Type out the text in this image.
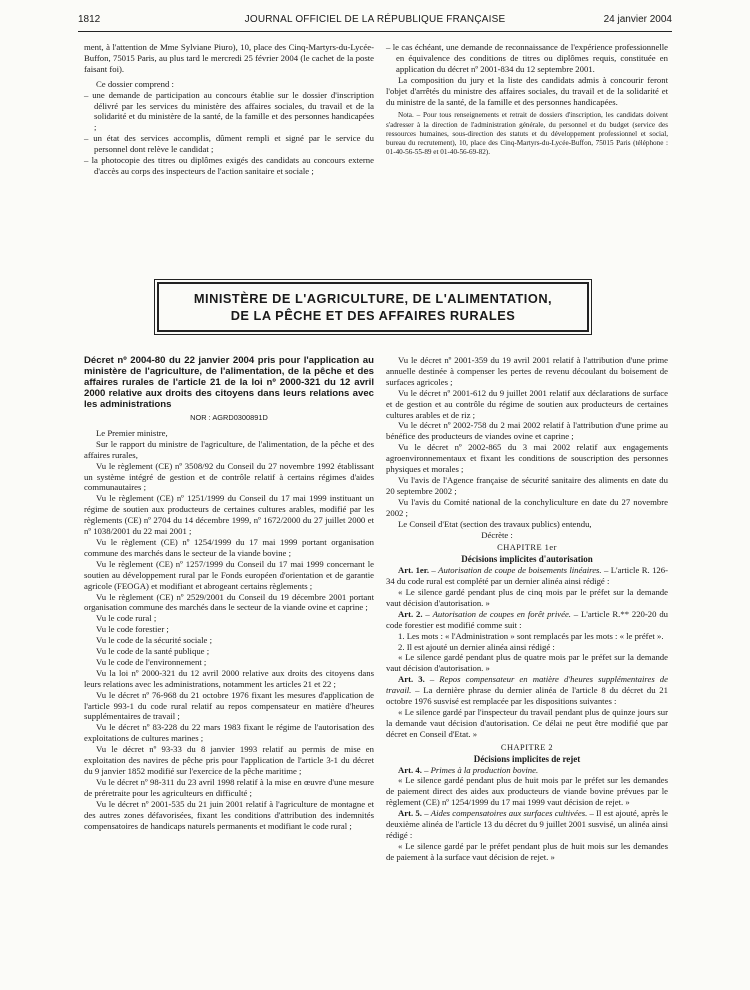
1812	JOURNAL OFFICIEL DE LA RÉPUBLIQUE FRANÇAISE	24 janvier 2004

ment, à l'attention de Mme Sylviane Piuro), 10, place des Cinq-Martyrs-du-Lycée-Buffon, 75015 Paris, au plus tard le mercredi 25 février 2004 (le cachet de la poste faisant foi).

Ce dossier comprend :

– une demande de participation au concours établie sur le dossier d'inscription délivré par les services du ministère des affaires sociales, du travail et de la solidarité et du ministère de la santé, de la famille et des personnes handicapées ;

– un état des services accomplis, dûment rempli et signé par le service du personnel dont relève le candidat ;

– la photocopie des titres ou diplômes exigés des candidats au concours externe d'accès au corps des inspecteurs de l'action sanitaire et sociale ;

– le cas échéant, une demande de reconnaissance de l'expérience professionnelle en équivalence des conditions de titres ou diplômes requis, constituée en application du décret nº 2001-834 du 12 septembre 2001.

La composition du jury et la liste des candidats admis à concourir feront l'objet d'arrêtés du ministre des affaires sociales, du travail et de la solidarité et du ministre de la santé, de la famille et des personnes handicapées.

Nota. – Pour tous renseignements et retrait de dossiers d'inscription, les candidats doivent s'adresser à la direction de l'administration générale, du personnel et du budget (service des ressources humaines, sous-direction des statuts et du développement professionnel et social, bureau du recrutement), 10, place des Cinq-Martyrs-du-Lycée-Buffon, 75015 Paris (téléphone : 01-40-56-55-89 et 01-40-56-69-82).

MINISTÈRE DE L'AGRICULTURE, DE L'ALIMENTATION,
DE LA PÊCHE ET DES AFFAIRES RURALES

Décret nº 2004-80 du 22 janvier 2004 pris pour l'application au ministère de l'agriculture, de l'alimentation, de la pêche et des affaires rurales de l'article 21 de la loi nº 2000-321 du 12 avril 2000 relative aux droits des citoyens dans leurs relations avec les administrations

NOR : AGRD0300891D

Le Premier ministre,

Sur le rapport du ministre de l'agriculture, de l'alimentation, de la pêche et des affaires rurales,

Vu le règlement (CE) nº 3508/92 du Conseil du 27 novembre 1992 établissant un système intégré de gestion et de contrôle relatif à certains régimes d'aides communautaires ;

Vu le règlement (CE) nº 1251/1999 du Conseil du 17 mai 1999 instituant un régime de soutien aux producteurs de certaines cultures arables, modifié par les règlements (CE) nº 2704 du 14 décembre 1999, nº 1672/2000 du 27 juillet 2000 et nº 1038/2001 du 22 mai 2001 ;

Vu le règlement (CE) nº 1254/1999 du 17 mai 1999 portant organisation commune des marchés dans le secteur de la viande bovine ;

Vu le règlement (CE) nº 1257/1999 du Conseil du 17 mai 1999 concernant le soutien au développement rural par le Fonds européen d'orientation et de garantie agricole (FEOGA) et modifiant et abrogeant certains règlements ;

Vu le règlement (CE) nº 2529/2001 du Conseil du 19 décembre 2001 portant organisation commune des marchés dans le secteur de la viande ovine et caprine ;

Vu le code rural ;

Vu le code forestier ;

Vu le code de la sécurité sociale ;

Vu le code de la santé publique ;

Vu le code de l'environnement ;

Vu la loi nº 2000-321 du 12 avril 2000 relative aux droits des citoyens dans leurs relations avec les administrations, notamment les articles 21 et 22 ;

Vu le décret nº 76-968 du 21 octobre 1976 fixant les mesures d'application de l'article 993-1 du code rural relatif au repos compensateur en matière d'heures supplémentaires de travail ;

Vu le décret nº 83-228 du 22 mars 1983 fixant le régime de l'autorisation des exploitations de cultures marines ;

Vu le décret nº 93-33 du 8 janvier 1993 relatif au permis de mise en exploitation des navires de pêche pris pour l'application de l'article 3-1 du décret du 9 janvier 1852 modifié sur l'exercice de la pêche maritime ;

Vu le décret nº 98-311 du 23 avril 1998 relatif à la mise en œuvre d'une mesure de préretraite pour les agriculteurs en difficulté ;

Vu le décret nº 2001-535 du 21 juin 2001 relatif à l'agriculture de montagne et des autres zones défavorisées, fixant les conditions d'attribution des indemnités compensatoires de handicaps naturels permanents et modifiant le code rural ;

Vu le décret nº 2001-359 du 19 avril 2001 relatif à l'attribution d'une prime annuelle destinée à compenser les pertes de revenu découlant du boisement de surfaces agricoles ;

Vu le décret nº 2001-612 du 9 juillet 2001 relatif aux déclarations de surface et de gestion et au contrôle du régime de soutien aux producteurs de certaines cultures arables et de riz ;

Vu le décret nº 2002-758 du 2 mai 2002 relatif à l'attribution d'une prime au bénéfice des producteurs de viandes ovine et caprine ;

Vu le décret nº 2002-865 du 3 mai 2002 relatif aux engagements agroenvironnementaux et fixant les conditions de souscription des personnes physiques et morales ;

Vu l'avis de l'Agence française de sécurité sanitaire des aliments en date du 20 septembre 2002 ;

Vu l'avis du Comité national de la conchyliculture en date du 27 novembre 2002 ;

Le Conseil d'Etat (section des travaux publics) entendu,

Décrète :

CHAPITRE 1er

Décisions implicites d'autorisation

Art. 1er. – Autorisation de coupe de boisements linéaires. – L'article R. 126-34 du code rural est complété par un dernier alinéa ainsi rédigé :

« Le silence gardé pendant plus de cinq mois par le préfet sur la demande vaut décision d'autorisation. »

Art. 2. – Autorisation de coupes en forêt privée. – L'article R.** 220-20 du code forestier est modifié comme suit :

1. Les mots : « l'Administration » sont remplacés par les mots : « le préfet ».

2. Il est ajouté un dernier alinéa ainsi rédigé :

« Le silence gardé pendant plus de quatre mois par le préfet sur la demande vaut décision d'autorisation. »

Art. 3. – Repos compensateur en matière d'heures supplémentaires de travail. – La dernière phrase du dernier alinéa de l'article 8 du décret du 21 octobre 1976 susvisé est remplacée par les dispositions suivantes :

« Le silence gardé par l'inspecteur du travail pendant plus de quinze jours sur la demande vaut décision d'autorisation. Ce délai ne peut être modifié que par décret en Conseil d'Etat. »

CHAPITRE 2

Décisions implicites de rejet

Art. 4. – Primes à la production bovine.

« Le silence gardé pendant plus de huit mois par le préfet sur les demandes de paiement direct des aides aux producteurs de viande bovine prévues par le règlement (CE) nº 1254/1999 du 17 mai 1999 vaut décision de rejet. »

Art. 5. – Aides compensatoires aux surfaces cultivées. – Il est ajouté, après le deuxième alinéa de l'article 13 du décret du 9 juillet 2001 susvisé, un alinéa ainsi rédigé :

« Le silence gardé par le préfet pendant plus de huit mois sur les demandes de paiement à la surface vaut décision de rejet. »
